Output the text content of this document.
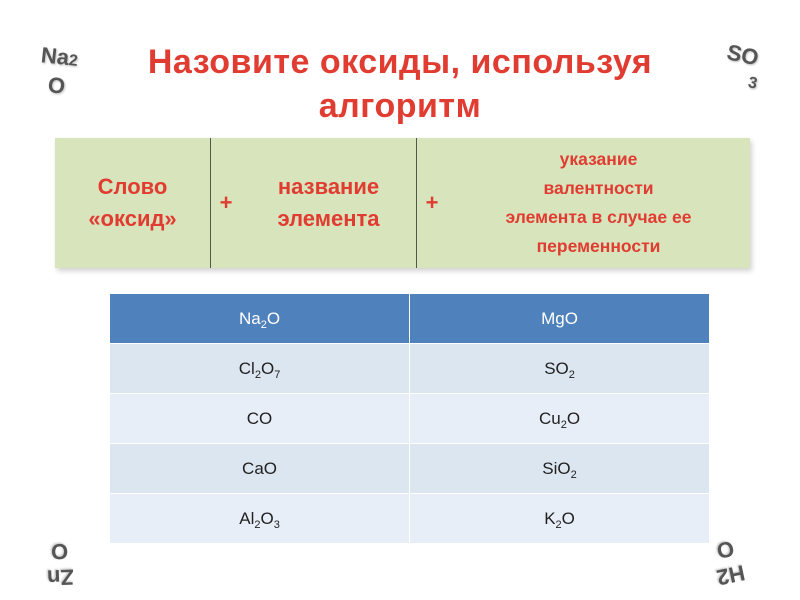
Na2
O
SO
3
Zn
O
H2
O
Назовите оксиды, используя
алгоритм
Слово
«оксид»
+
название
элемента
+
указание
валентности
элемента в случае ее
переменности
$Na_2O$	MgO
$Cl_2O_7$	$SO_2$
CO	$Cu_2O$
CaO	SiO$_2$
$Al_2O_3$	$K_2O$
